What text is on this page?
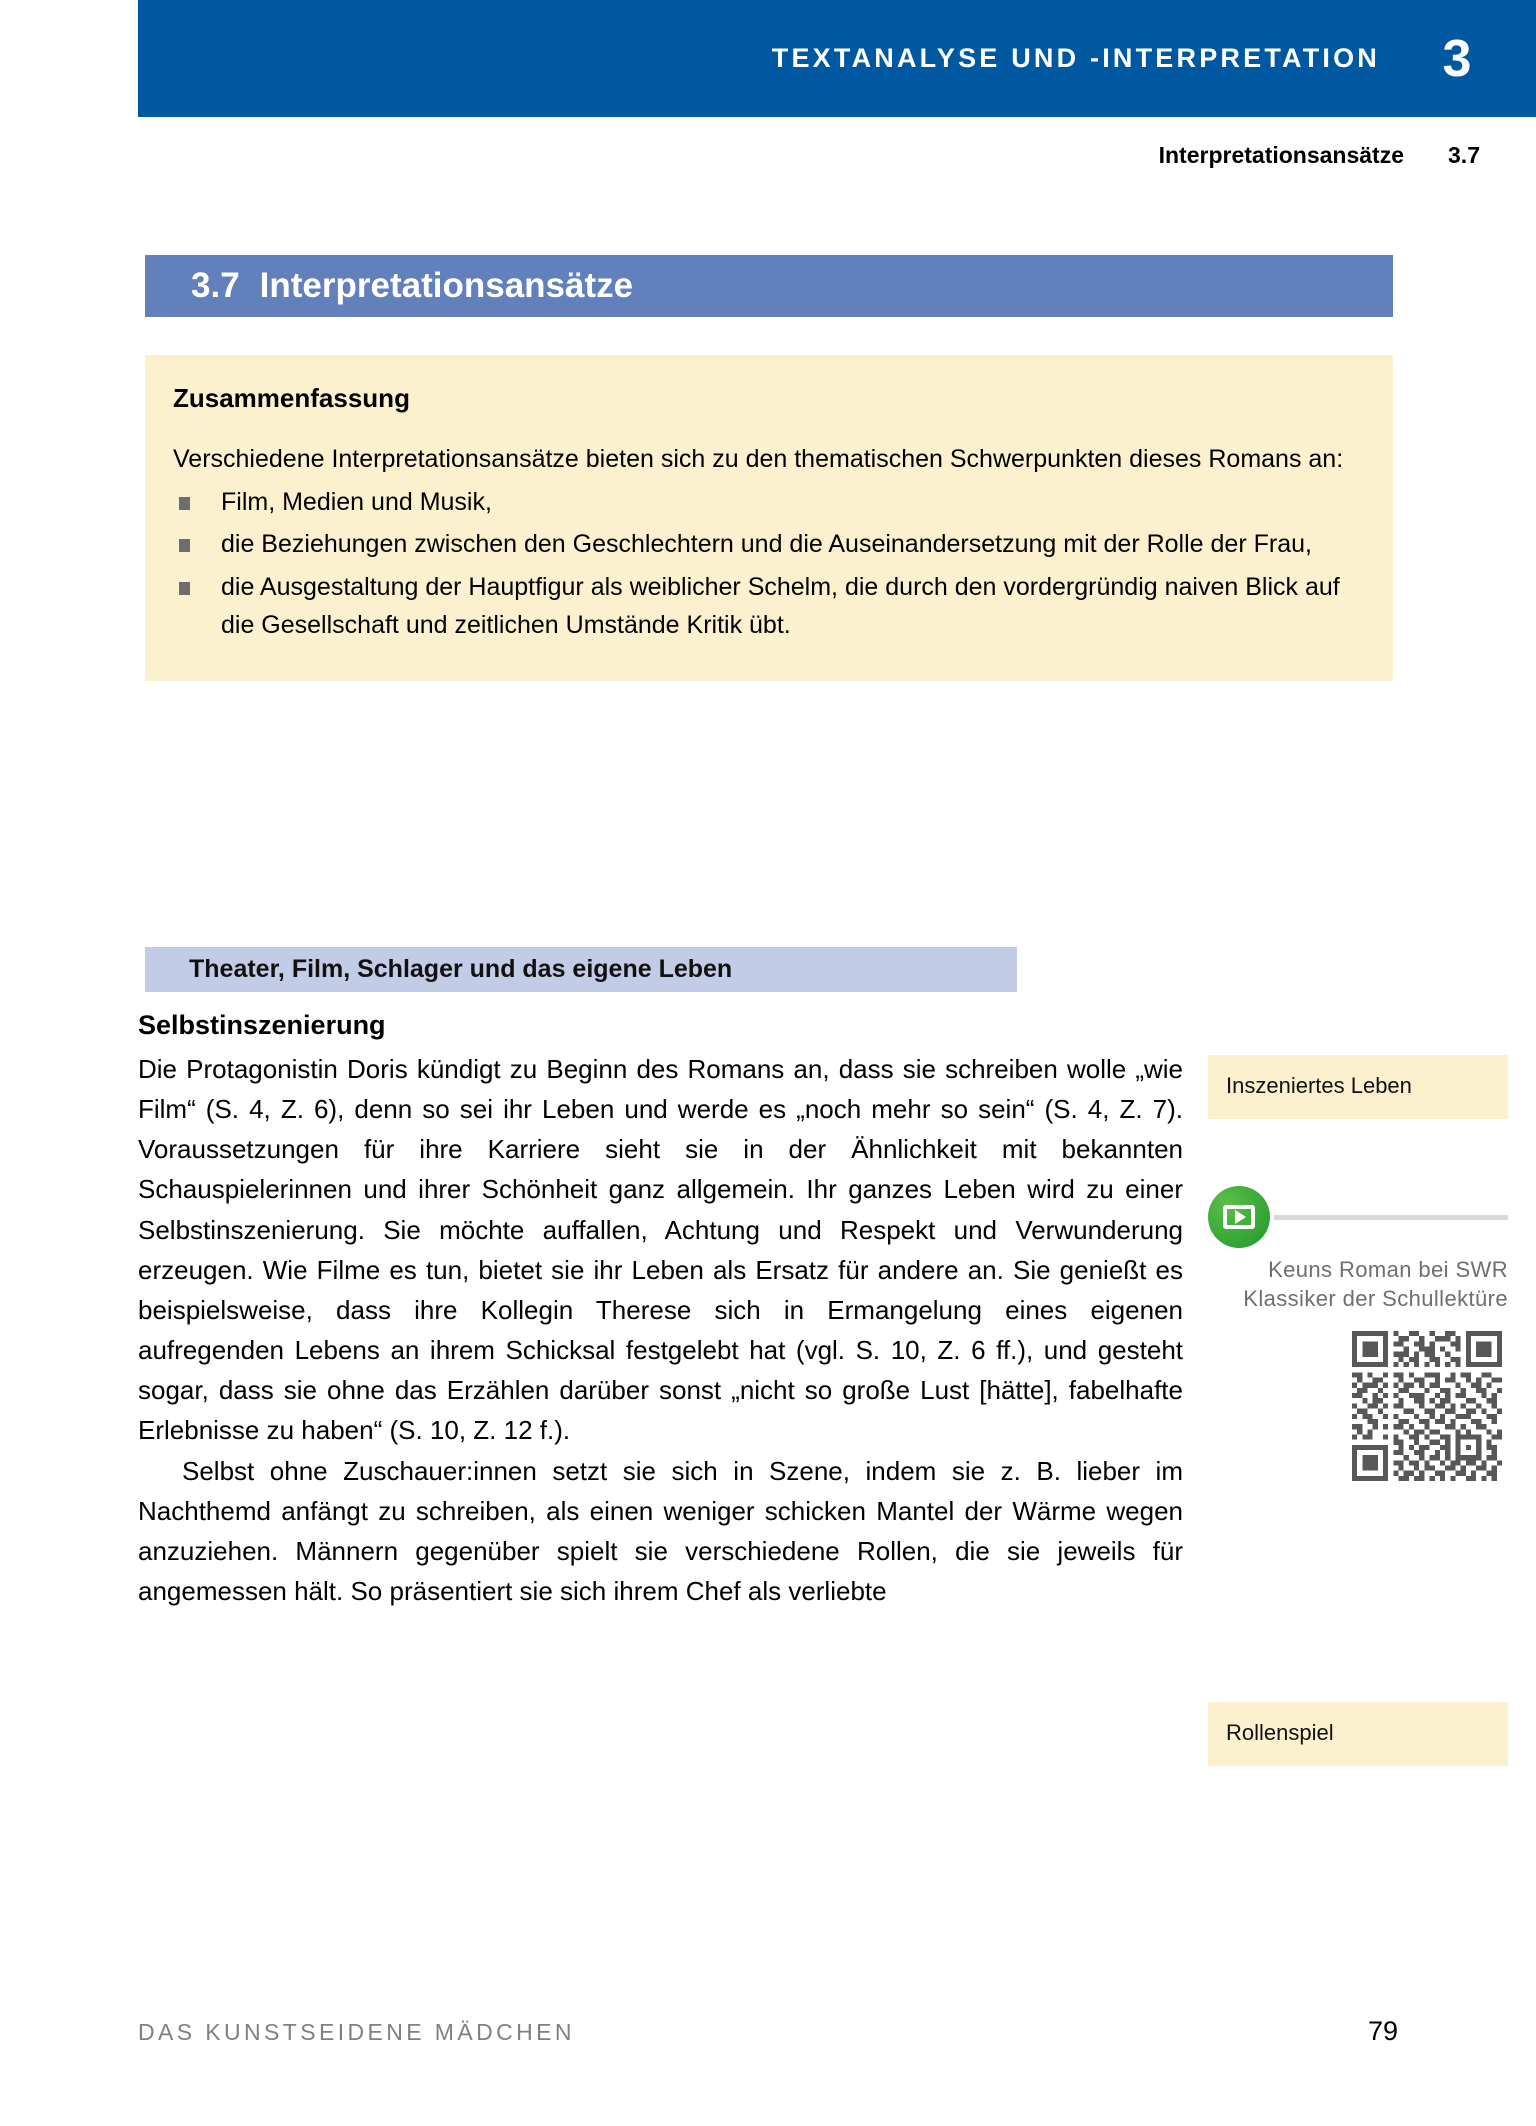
TEXTANALYSE UND -INTERPRETATION 3
Interpretationsansätze 3.7
3.7 Interpretationsansätze
Zusammenfassung

Verschiedene Interpretationsansätze bieten sich zu den thematischen Schwerpunkten dieses Romans an:

Film, Medien und Musik,
die Beziehungen zwischen den Geschlechtern und die Auseinandersetzung mit der Rolle der Frau,
die Ausgestaltung der Hauptfigur als weiblicher Schelm, die durch den vordergründig naiven Blick auf die Gesellschaft und zeitlichen Umstände Kritik übt.
Theater, Film, Schlager und das eigene Leben
Selbstinszenierung

Die Protagonistin Doris kündigt zu Beginn des Romans an, dass sie schreiben wolle „wie Film“ (S. 4, Z. 6), denn so sei ihr Leben und werde es „noch mehr so sein“ (S. 4, Z. 7). Voraussetzungen für ihre Karriere sieht sie in der Ähnlichkeit mit bekannten Schauspielerinnen und ihrer Schönheit ganz allgemein. Ihr ganzes Leben wird zu einer Selbstinszenierung. Sie möchte auffallen, Achtung und Respekt und Verwunderung erzeugen. Wie Filme es tun, bietet sie ihr Leben als Ersatz für andere an. Sie genießt es beispielsweise, dass ihre Kollegin Therese sich in Ermangelung eines eigenen aufregenden Lebens an ihrem Schicksal festgelebt hat (vgl. S. 10, Z. 6 ff.), und gesteht sogar, dass sie ohne das Erzählen darüber sonst „nicht so große Lust [hätte], fabelhafte Erlebnisse zu haben“ (S. 10, Z. 12 f.).

Selbst ohne Zuschauer:innen setzt sie sich in Szene, indem sie z. B. lieber im Nachthemd anfängt zu schreiben, als einen weniger schicken Mantel der Wärme wegen anzuziehen. Männern gegenüber spielt sie verschiedene Rollen, die sie jeweils für angemessen hält. So präsentiert sie sich ihrem Chef als verliebte

Inszeniertes Leben
Keuns Roman bei SWR Klassiker der Schullektüre
Rollenspiel
DAS KUNSTSEIDENE MÄDCHEN	79
